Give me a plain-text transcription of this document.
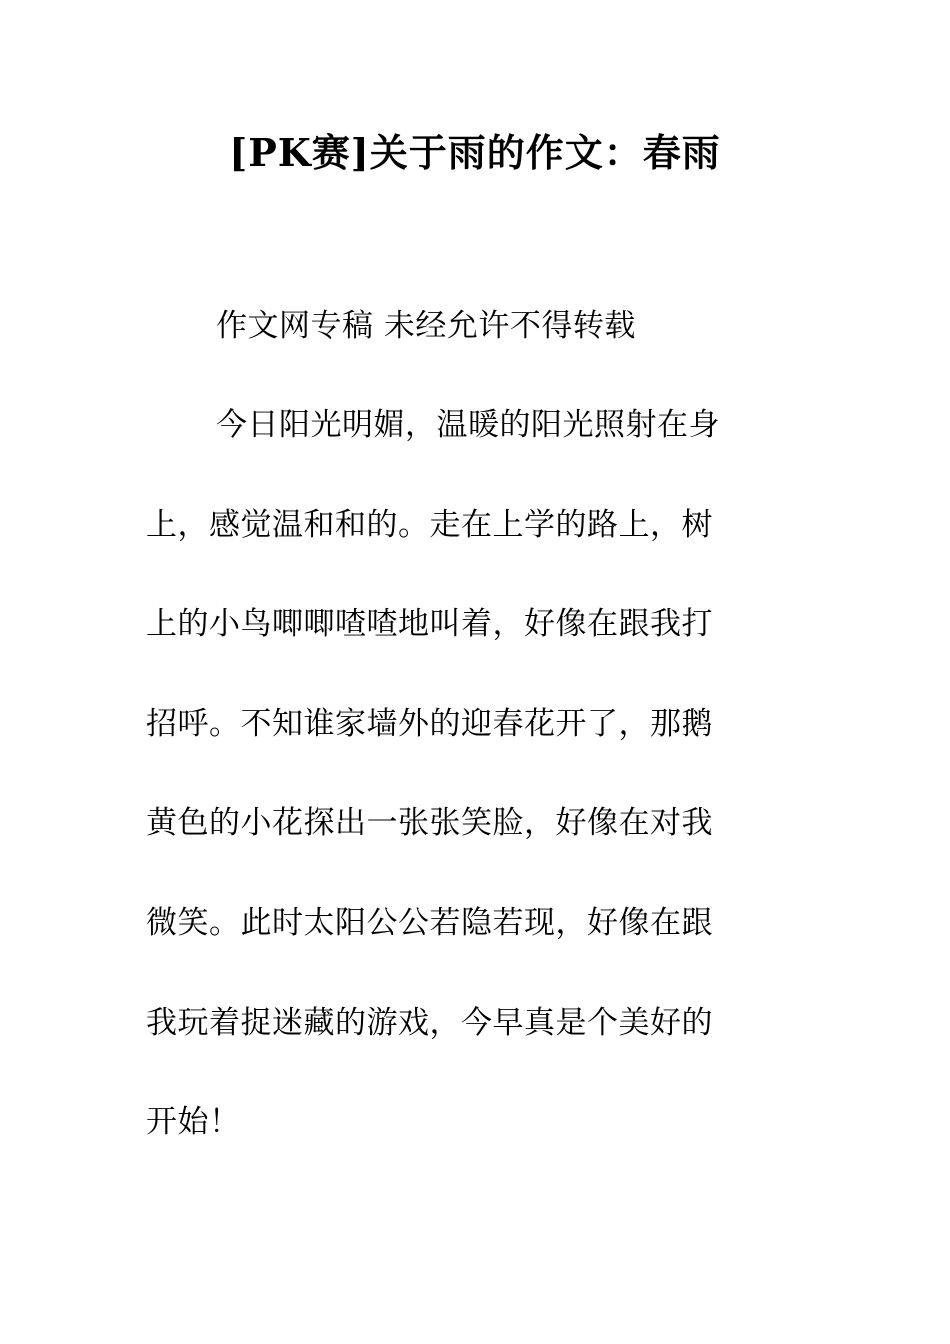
[PK赛]关于雨的作文：春雨
作文网专稿 未经允许不得转载
今日阳光明媚，温暖的阳光照射在身
上，感觉温和和的。走在上学的路上，树
上的小鸟唧唧喳喳地叫着，好像在跟我打
招呼。不知谁家墙外的迎春花开了，那鹅
黄色的小花探出一张张笑脸，好像在对我
微笑。此时太阳公公若隐若现，好像在跟
我玩着捉迷藏的游戏，今早真是个美好的
开始！
